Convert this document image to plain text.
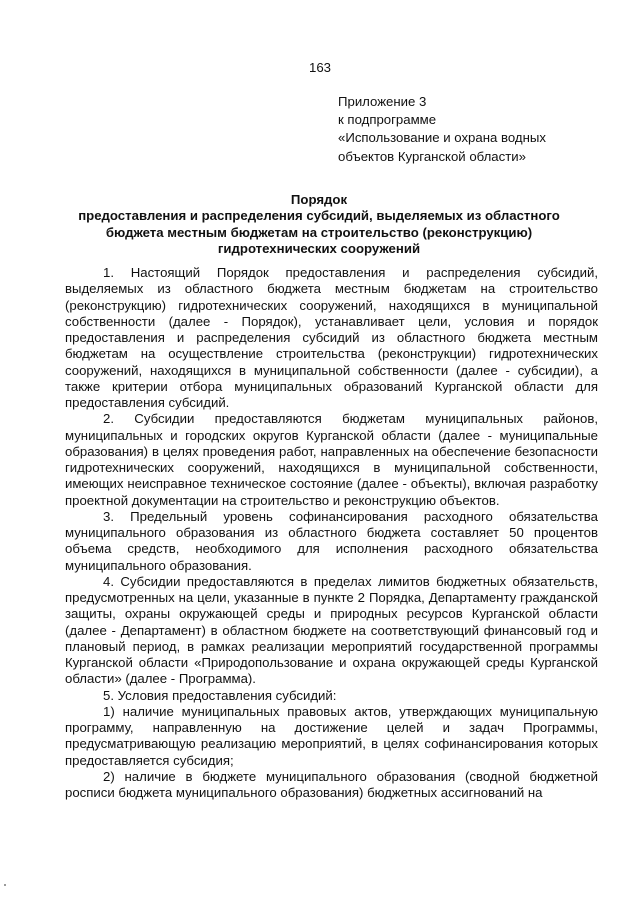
163
Приложение 3
к подпрограмме
«Использование и охрана водных
объектов Курганской области»
Порядок
предоставления и распределения субсидий, выделяемых из областного
бюджета местным бюджетам на строительство (реконструкцию)
гидротехнических сооружений

1. Настоящий Порядок предоставления и распределения субсидий, выделяемых из областного бюджета местным бюджетам на строительство (реконструкцию) гидротехнических сооружений, находящихся в муниципальной собственности (далее - Порядок), устанавливает цели, условия и порядок предоставления и распределения субсидий из областного бюджета местным бюджетам на осуществление строительства (реконструкции) гидротехнических сооружений, находящихся в муниципальной собственности (далее - субсидии), а также критерии отбора муниципальных образований Курганской области для предоставления субсидий.

2. Субсидии предоставляются бюджетам муниципальных районов, муниципальных и городских округов Курганской области (далее - муниципальные образования) в целях проведения работ, направленных на обеспечение безопасности гидротехнических сооружений, находящихся в муниципальной собственности, имеющих неисправное техническое состояние (далее - объекты), включая разработку проектной документации на строительство и реконструкцию объектов.

3. Предельный уровень софинансирования расходного обязательства муниципального образования из областного бюджета составляет 50 процентов объема средств, необходимого для исполнения расходного обязательства муниципального образования.

4. Субсидии предоставляются в пределах лимитов бюджетных обязательств, предусмотренных на цели, указанные в пункте 2 Порядка, Департаменту гражданской защиты, охраны окружающей среды и природных ресурсов Курганской области (далее - Департамент) в областном бюджете на соответствующий финансовый год и плановый период, в рамках реализации мероприятий государственной программы Курганской области «Природопользование и охрана окружающей среды Курганской области» (далее - Программа).

5. Условия предоставления субсидий:

1) наличие муниципальных правовых актов, утверждающих муниципальную программу, направленную на достижение целей и задач Программы, предусматривающую реализацию мероприятий, в целях софинансирования которых предоставляется субсидия;

2) наличие в бюджете муниципального образования (сводной бюджетной росписи бюджета муниципального образования) бюджетных ассигнований на
